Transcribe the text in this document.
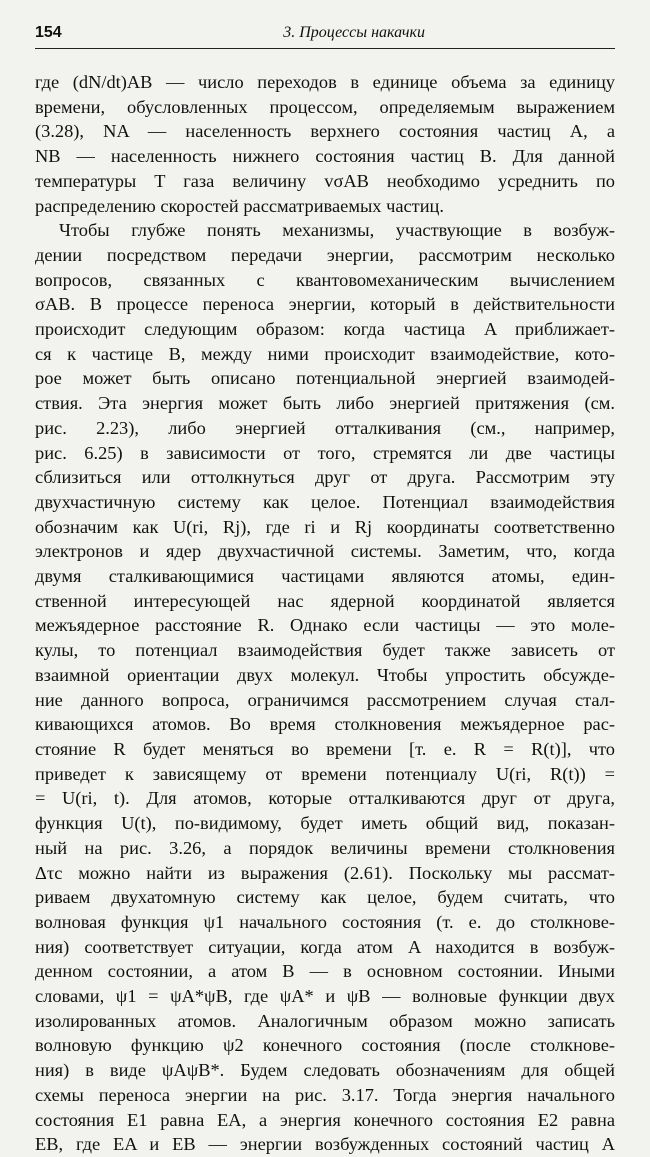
154	3. Процессы накачки
где (dN/dt)AB — число переходов в единице объема за единицу
времени, обусловленных процессом, определяемым выражением
(3.28), NA — населенность верхнего состояния частиц A, а
NB — населенность нижнего состояния частиц B. Для данной
температуры T газа величину vσAB необходимо усреднить по
распределению скоростей рассматриваемых частиц.
Чтобы глубже понять механизмы, участвующие в возбуж-
дении посредством передачи энергии, рассмотрим несколько
вопросов, связанных с квантовомеханическим вычислением
σAB. В процессе переноса энергии, который в действительности
происходит следующим образом: когда частица A приближает-
ся к частице B, между ними происходит взаимодействие, кото-
рое может быть описано потенциальной энергией взаимодей-
ствия. Эта энергия может быть либо энергией притяжения (см.
рис. 2.23), либо энергией отталкивания (см., например,
рис. 6.25) в зависимости от того, стремятся ли две частицы
сблизиться или оттолкнуться друг от друга. Рассмотрим эту
двухчастичную систему как целое. Потенциал взаимодействия
обозначим как U(ri, Rj), где ri и Rj координаты соответственно
электронов и ядер двухчастичной системы. Заметим, что, когда
двумя сталкивающимися частицами являются атомы, един-
ственной интересующей нас ядерной координатой является
межъядерное расстояние R. Однако если частицы — это моле-
кулы, то потенциал взаимодействия будет также зависеть от
взаимной ориентации двух молекул. Чтобы упростить обсужде-
ние данного вопроса, ограничимся рассмотрением случая стал-
кивающихся атомов. Во время столкновения межъядерное рас-
стояние R будет меняться во времени [т. е. R = R(t)], что
приведет к зависящему от времени потенциалу U(ri, R(t)) =
= U(ri, t). Для атомов, которые отталкиваются друг от друга,
функция U(t), по-видимому, будет иметь общий вид, показан-
ный на рис. 3.26, а порядок величины времени столкновения
Δτc можно найти из выражения (2.61). Поскольку мы рассмат-
риваем двухатомную систему как целое, будем считать, что
волновая функция ψ1 начального состояния (т. е. до столкнове-
ния) соответствует ситуации, когда атом A находится в возбуж-
денном состоянии, а атом B — в основном состоянии. Иными
словами, ψ1 = ψA*ψB, где ψA* и ψB — волновые функции двух
изолированных атомов. Аналогичным образом можно записать
волновую функцию ψ2 конечного состояния (после столкнове-
ния) в виде ψAψB*. Будем следовать обозначениям для общей
схемы переноса энергии на рис. 3.17. Тогда энергия начального
состояния E1 равна EA, а энергия конечного состояния E2 равна
EB, где EA и EB — энергии возбужденных состояний частиц A
